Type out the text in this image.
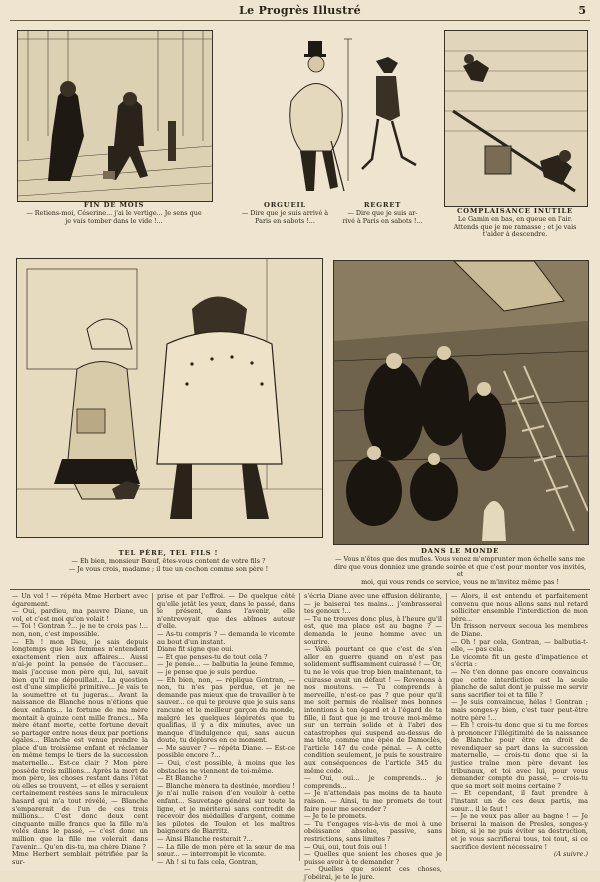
Le Progrès Illustré	5
FIN DE MOIS
— Retiens-moi, Céserine... j'ai le vertige... Je sens que
je vais tomber dans le vide !...
ORGUEIL
— Dire que je suis arrivé à
Paris en sabots !...
REGRET
— Dire que je suis ar-
rivé à Paris en sabots !...
COMPLAISANCE INUTILE
Le Gamin en bas, en queue en l'air.
Attends que je me ramasse ; et je vais
t'aider à descendre.
TEL PÈRE, TEL FILS !
— Eh bien, monsieur Bœuf, êtes-vous content de votre fils ?
— Je vous crois, madame ; il tue un cochon comme son père !
DANS LE MONDE
— Vous n'êtes que des mufles. Vous venez m'emprunter mon échelle sans me
dire que vous donniez une grande soirée et que c'est pour monter vos invités, et
moi, qui vous rends ce service, vous ne m'invitez même pas !

— Un vol ! — répéta Mme Herbert avec égarement.

— Oui, pardieu, ma pauvre Diane, un vol, et c'est moi qu'on volait !

— Toi ! Gontran ?... je ne te crois pas !... non, non, c'est impossible.

— Eh ! mon Dieu, je sais depuis longtemps que les femmes n'entendent exactement rien aux affaires... Aussi n'ai-je point la pensée de t'accuser... mais j'accuse mon père qui, lui, savait bien qu'il me dépouillait... La question est d'une simplicité primitive... Je vais te la soumettre et tu jugeras... Avant la naissance de Blanche nous n'étions que deux enfants... la fortune de ma mère montait à quinze cent mille francs... Ma mère étant morte, cette fortune devait se partager entre nous deux par portions égales... Blanche est venue prendre la place d'un troisième enfant et réclamer en même temps le tiers de la succession maternelle... Est-ce clair ? Mon père possède trois millions... Après la mort de mon père, les choses restant dans l'état où elles se trouvent, — et elles y seraient certainement restées sans le miraculeux hasard qui m'a tout révélé, — Blanche s'emparerait de l'un de ces trois millions... C'est donc deux cent cinquante mille francs que la fille m'a volés dans le passé, — c'est donc un million que la fille me volerait dans l'avenir... Qu'en dis-tu, ma chère Diane ?

Mme Herbert semblait pétrifiée par la sur-

prise et par l'effroi. — De quelque côté qu'elle jetât les yeux, dans le passé, dans le présent, dans l'avenir, elle n'entrevoyait que des abîmes autour d'elle.

— As-tu compris ? — demanda le vicomte au bout d'un instant.

Diane fit signe que oui.

— Et que penses-tu de tout cela ?

— Je pense... — balbutia la jeune femme, — je pense que je suis perdue.

— Eh bien, non, — répliqua Gontran, — non, tu n'es pas perdue, et je ne demande pas mieux que de travailler à te sauver... ce qui te prouve que je suis sans rancune et le meilleur garçon du monde, malgré les quelques légèretés que tu qualifias, il y a dix minutes, avec un manque d'indulgence qui, sans aucun doute, tu déplores en ce moment.

— Me sauver ? — répéta Diane. — Est-ce possible encore ?...

— Oui, c'est possible, à moins que les obstacles ne viennent de toi-même.

— Et Blanche ?

— Blanche mènera ta destinée, mordieu ! je n'ai nulle raison d'en vouloir à cette enfant... Sauvetage général sur toute la ligne, et je mériterai sans contredit de recevoir des médailles d'argent, comme les pilotes de Toulon et les maîtres baigneurs de Biarritz.

— Ainsi Blanche resterait ?...

— La fille de mon père et la sœur de ma sœur... — interrompit le vicomte.

— Ah ! si tu fais cela, Gontran,

s'écria Diane avec une effusion délirante, — je baiserai tes mains... j'embrasserai tes genoux !...

— Tu ne trouves donc plus, à l'heure qu'il est, que ma place est au bagne ? — demanda le jeune homme avec un sourire.

— Voilà pourtant ce que c'est de s'en aller en guerre quand on n'est pas solidement suffisamment cuirassé ! — Or, tu ne le vois que trop bien maintenant, ta cuirasse avait un défaut ! — Revenons à nos moutons. — Tu comprends à merveille, n'est-ce pas ? que pour qu'il me soit permis de réaliser mes bonnes intentions à ton égard et à l'égard de ta fille, il faut que je me trouve moi-même sur un terrain solide et à l'abri des catastrophes qui suspend au-dessus de ma tête, comme une épée de Damoclès, l'article 147 du code pénal. — A cette condition seulement, je puis te soustraire aux conséquences de l'article 345 du même code.

— Oui, oui... je comprends... je comprends...

— Je n'attendais pas moins de ta haute raison. — Ainsi, tu me promets de tout faire pour me seconder ?

— Je te le promets.

— Tu t'engages vis-à-vis de moi à une obéissance absolue, passive, sans restrictions, sans limites ?

— Oui, oui, tout fois oui !

— Quelles que soient les choses que je puisse avoir à te demander ?

— Quelles que soient ces choses, j'obéirai, je te le jure.

— Alors, il est entendu et parfaitement convenu que nous allons sans nul retard solliciter ensemble l'interdiction de mon père...

Un frisson nerveux secoua les membres de Diane.

— Oh ! par cela, Gontran, — balbutia-t-elle, — pas cela.

Le vicomte fit un geste d'impatience et s'écria :

— Ne t'en donne pas encore convaincus que cette interdiction est la seule planche de salut dont je puisse me servir sans sacrifier toi et ta fille ?

— Je suis convaincue, hélas ! Gontran ; mais songes-y bien, c'est tuer peut-être notre père !...

— Eh ! crois-tu donc que si tu me forces à prononcer l'illégitimité de la naissance de Blanche pour être en droit de revendiquer sa part dans la succession maternelle, — crois-tu donc que si la justice traîne mon père devant les tribunaux, et toi avec lui, pour vous demander compte du passé, — crois-tu que sa mort soit moins certaine ?

— Et cependant, il faut prendre à l'instant un de ces deux partis, ma sœur... il le faut !

— Je ne veux pas aller au bagne ! — Je briserai la maison de Presles, songes-y bien, si je ne puis éviter sa destruction, et je vous sacrifierai tous, toi tout, si ce sacrifice devient nécessaire !

(A suivre.)
